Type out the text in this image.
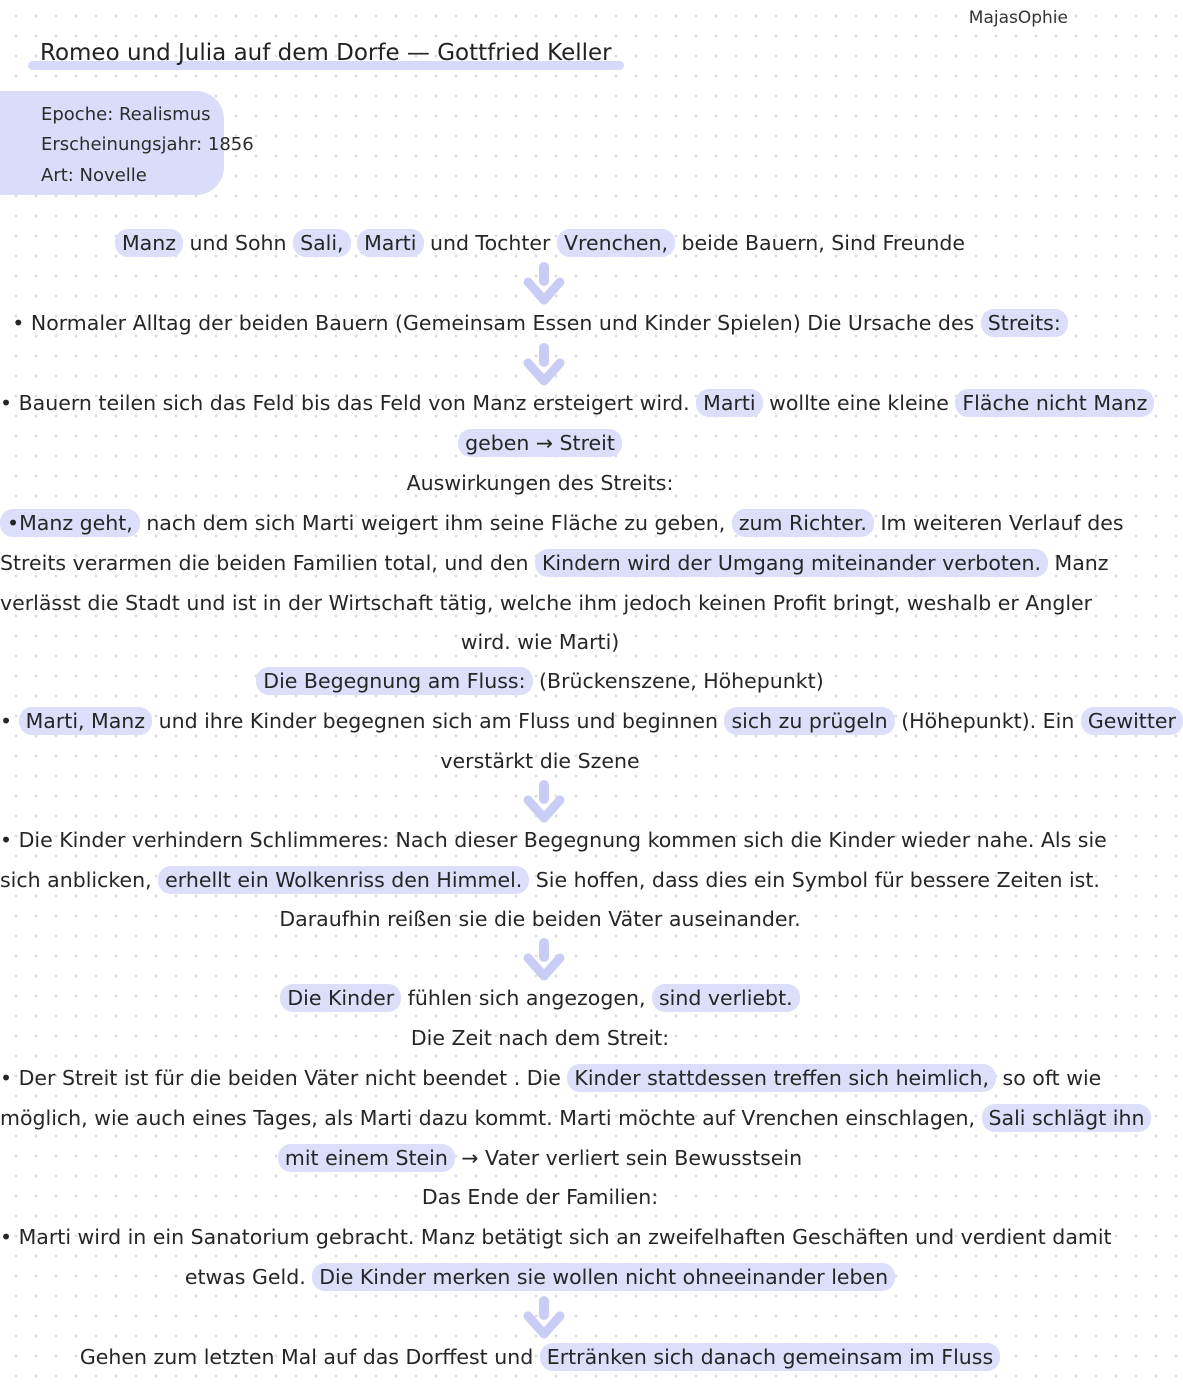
MajasOphie
Romeo und Julia auf dem Dorfe — Gottfried Keller
Epoche: Realismus
Erscheinungsjahr: 1856
Art: Novelle
Manz und Sohn Sali, Marti und Tochter Vrenchen, beide Bauern, Sind Freunde
• Normaler Alltag der beiden Bauern (Gemeinsam Essen und Kinder Spielen) Die Ursache des Streits:
• Bauern teilen sich das Feld bis das Feld von Manz ersteigert wird. Marti wollte eine kleine Fläche nicht Manz
geben → Streit
Auswirkungen des Streits:
•Manz geht, nach dem sich Marti weigert ihm seine Fläche zu geben, zum Richter. Im weiteren Verlauf des
Streits verarmen die beiden Familien total, und den Kindern wird der Umgang miteinander verboten. Manz
verlässt die Stadt und ist in der Wirtschaft tätig, welche ihm jedoch keinen Profit bringt, weshalb er Angler
wird. wie Marti)
Die Begegnung am Fluss: (Brückenszene, Höhepunkt)
• Marti, Manz und ihre Kinder begegnen sich am Fluss und beginnen sich zu prügeln (Höhepunkt). Ein Gewitter
verstärkt die Szene
• Die Kinder verhindern Schlimmeres: Nach dieser Begegnung kommen sich die Kinder wieder nahe. Als sie
sich anblicken, erhellt ein Wolkenriss den Himmel. Sie hoffen, dass dies ein Symbol für bessere Zeiten ist.
Daraufhin reißen sie die beiden Väter auseinander.
Die Kinder fühlen sich angezogen, sind verliebt.
Die Zeit nach dem Streit:
• Der Streit ist für die beiden Väter nicht beendet . Die Kinder stattdessen treffen sich heimlich, so oft wie
möglich, wie auch eines Tages, als Marti dazu kommt. Marti möchte auf Vrenchen einschlagen, Sali schlägt ihn
mit einem Stein → Vater verliert sein Bewusstsein
Das Ende der Familien:
• Marti wird in ein Sanatorium gebracht. Manz betätigt sich an zweifelhaften Geschäften und verdient damit
etwas Geld. Die Kinder merken sie wollen nicht ohneeinander leben
Gehen zum letzten Mal auf das Dorffest und Ertränken sich danach gemeinsam im Fluss
